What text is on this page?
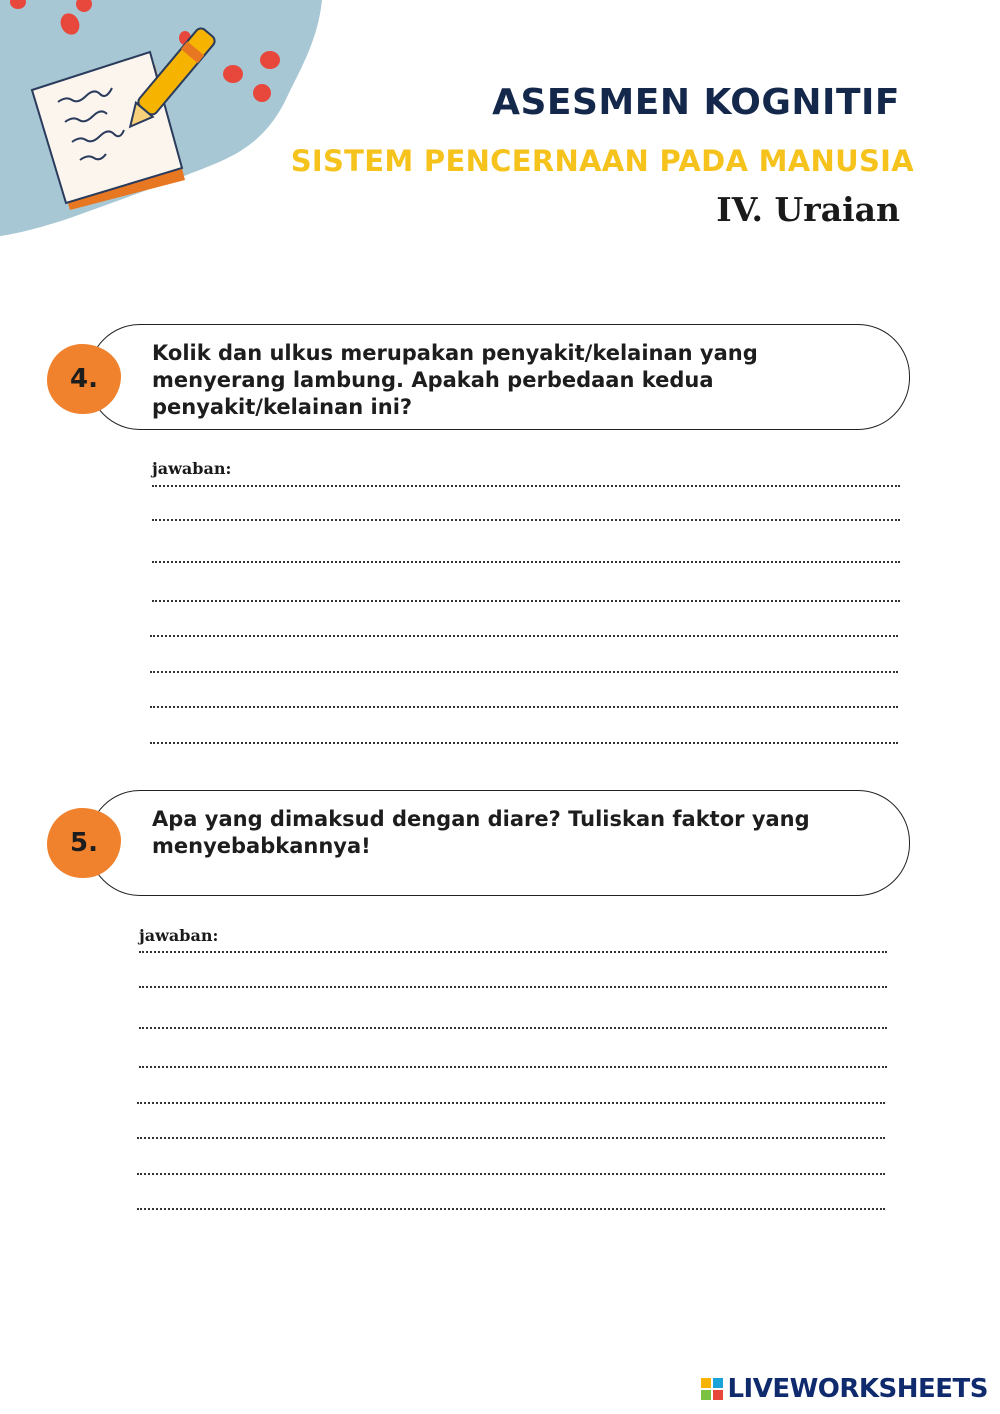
ASESMEN KOGNITIF
SISTEM PENCERNAAN PADA MANUSIA
IV. Uraian
4.

Kolik dan ulkus merupakan penyakit/kelainan yang
menyerang lambung. Apakah perbedaan kedua
penyakit/kelainan ini?

jawaban:

5.

Apa yang dimaksud dengan diare? Tuliskan faktor yang
menyebabkannya!

jawaban:

LIVEWORKSHEETS
